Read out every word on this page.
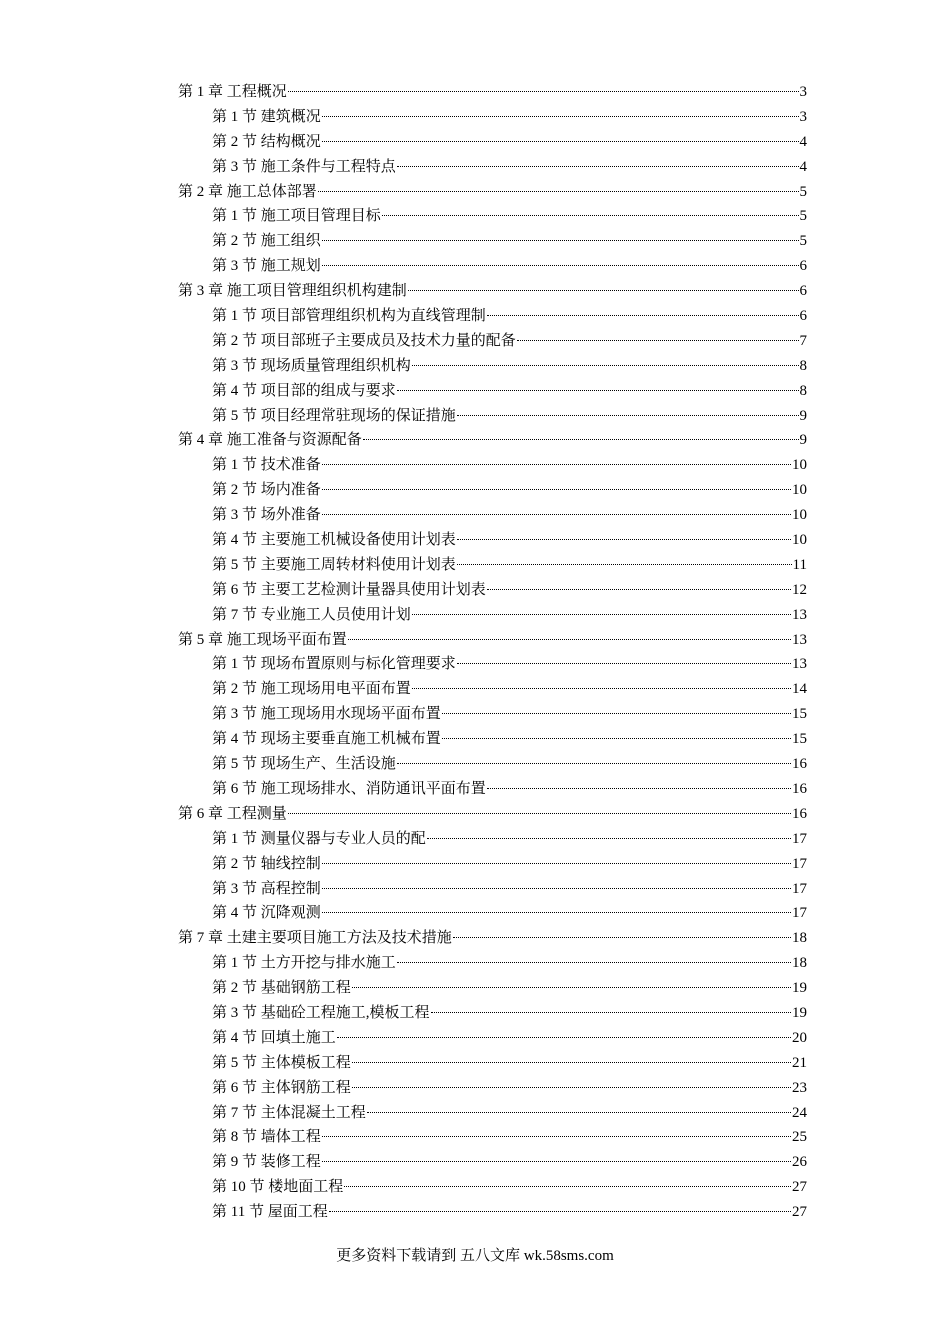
第 1 章 工程概况	3
第 1 节 建筑概况	3
第 2 节 结构概况	4
第 3 节 施工条件与工程特点	4
第 2 章 施工总体部署	5
第 1 节 施工项目管理目标	5
第 2 节 施工组织	5
第 3 节 施工规划	6
第 3 章 施工项目管理组织机构建制	6
第 1 节 项目部管理组织机构为直线管理制	6
第 2 节 项目部班子主要成员及技术力量的配备	7
第 3 节 现场质量管理组织机构	8
第 4 节 项目部的组成与要求	8
第 5 节 项目经理常驻现场的保证措施	9
第 4 章 施工准备与资源配备	9
第 1 节 技术准备	10
第 2 节 场内准备	10
第 3 节 场外准备	10
第 4 节 主要施工机械设备使用计划表	10
第 5 节 主要施工周转材料使用计划表	11
第 6 节 主要工艺检测计量器具使用计划表	12
第 7 节 专业施工人员使用计划	13
第 5 章 施工现场平面布置	13
第 1 节 现场布置原则与标化管理要求	13
第 2 节 施工现场用电平面布置	14
第 3 节 施工现场用水现场平面布置	15
第 4 节 现场主要垂直施工机械布置	15
第 5 节 现场生产、生活设施	16
第 6 节 施工现场排水、消防通讯平面布置	16
第 6 章 工程测量	16
第 1 节 测量仪器与专业人员的配	17
第 2 节 轴线控制	17
第 3 节 高程控制	17
第 4 节 沉降观测	17
第 7 章 土建主要项目施工方法及技术措施	18
第 1 节 土方开挖与排水施工	18
第 2 节 基础钢筋工程	19
第 3 节 基础砼工程施工,模板工程	19
第 4 节 回填土施工	20
第 5 节 主体模板工程	21
第 6 节 主体钢筋工程	23
第 7 节 主体混凝土工程	24
第 8 节 墙体工程	25
第 9 节 装修工程	26
第 10 节 楼地面工程	27
第 11 节 屋面工程	27
更多资料下载请到 五八文库 wk.58sms.com
